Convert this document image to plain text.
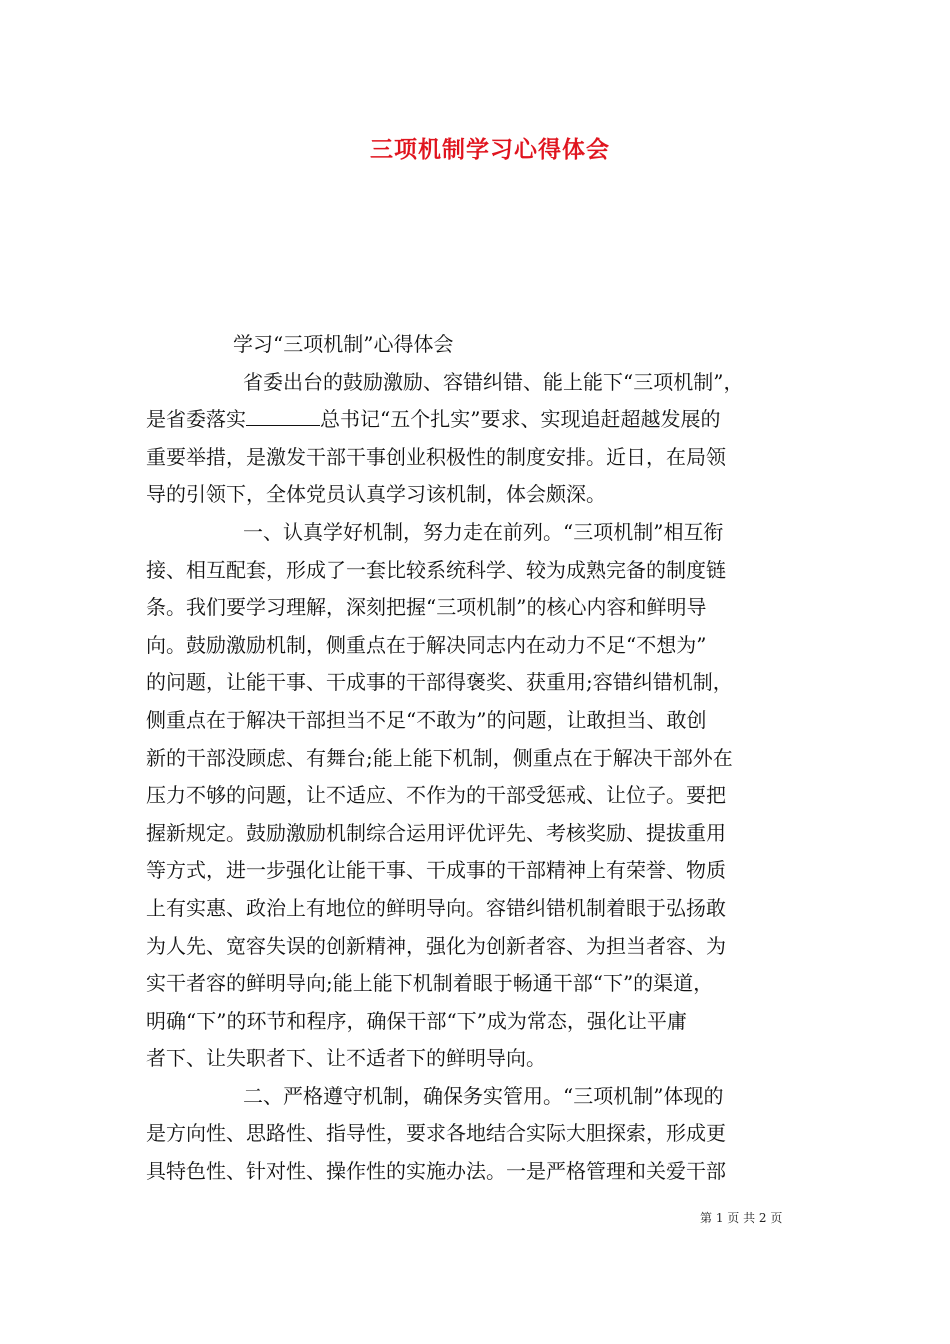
三项机制学习心得体会
学习“三项机制”心得体会
省委出台的鼓励激励、容错纠错、能上能下“三项机制”，
是省委落实	总书记“五个扎实”要求、实现追赶超越发展的
重要举措，是激发干部干事创业积极性的制度安排。近日，在局领
导的引领下，全体党员认真学习该机制，体会颇深。
一、认真学好机制，努力走在前列。“三项机制”相互衔
接、相互配套，形成了一套比较系统科学、较为成熟完备的制度链
条。我们要学习理解，深刻把握“三项机制”的核心内容和鲜明导
向。鼓励激励机制，侧重点在于解决同志内在动力不足“不想为”
的问题，让能干事、干成事的干部得褒奖、获重用;容错纠错机制，
侧重点在于解决干部担当不足“不敢为”的问题，让敢担当、敢创
新的干部没顾虑、有舞台;能上能下机制，侧重点在于解决干部外在
压力不够的问题，让不适应、不作为的干部受惩戒、让位子。要把
握新规定。鼓励激励机制综合运用评优评先、考核奖励、提拔重用
等方式，进一步强化让能干事、干成事的干部精神上有荣誉、物质
上有实惠、政治上有地位的鲜明导向。容错纠错机制着眼于弘扬敢
为人先、宽容失误的创新精神，强化为创新者容、为担当者容、为
实干者容的鲜明导向;能上能下机制着眼于畅通干部“下”的渠道，
明确“下”的环节和程序，确保干部“下”成为常态，强化让平庸
者下、让失职者下、让不适者下的鲜明导向。
二、严格遵守机制，确保务实管用。“三项机制”体现的
是方向性、思路性、指导性，要求各地结合实际大胆探索，形成更
具特色性、针对性、操作性的实施办法。一是严格管理和关爱干部
第 1 页 共 2 页
